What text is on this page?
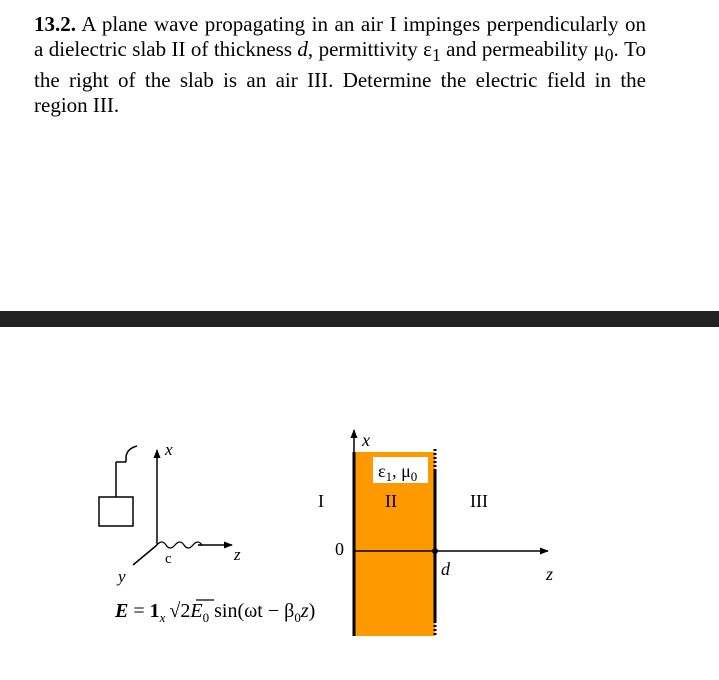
13.2. A plane wave propagating in an air I impinges perpendicularly on a dielectric slab II of thickness d, permittivity $\varepsilon_1$ and permeability $\mu_0$. To the right of the slab is an air III. Determine the electric field in the region III.

x
y
z
c
$E = 1_x$ $√2E_0$ $\sin(\omega t - \beta_0z)$
$\varepsilon_1$, $\mu_0$
x
0
d	z
I	II	III
